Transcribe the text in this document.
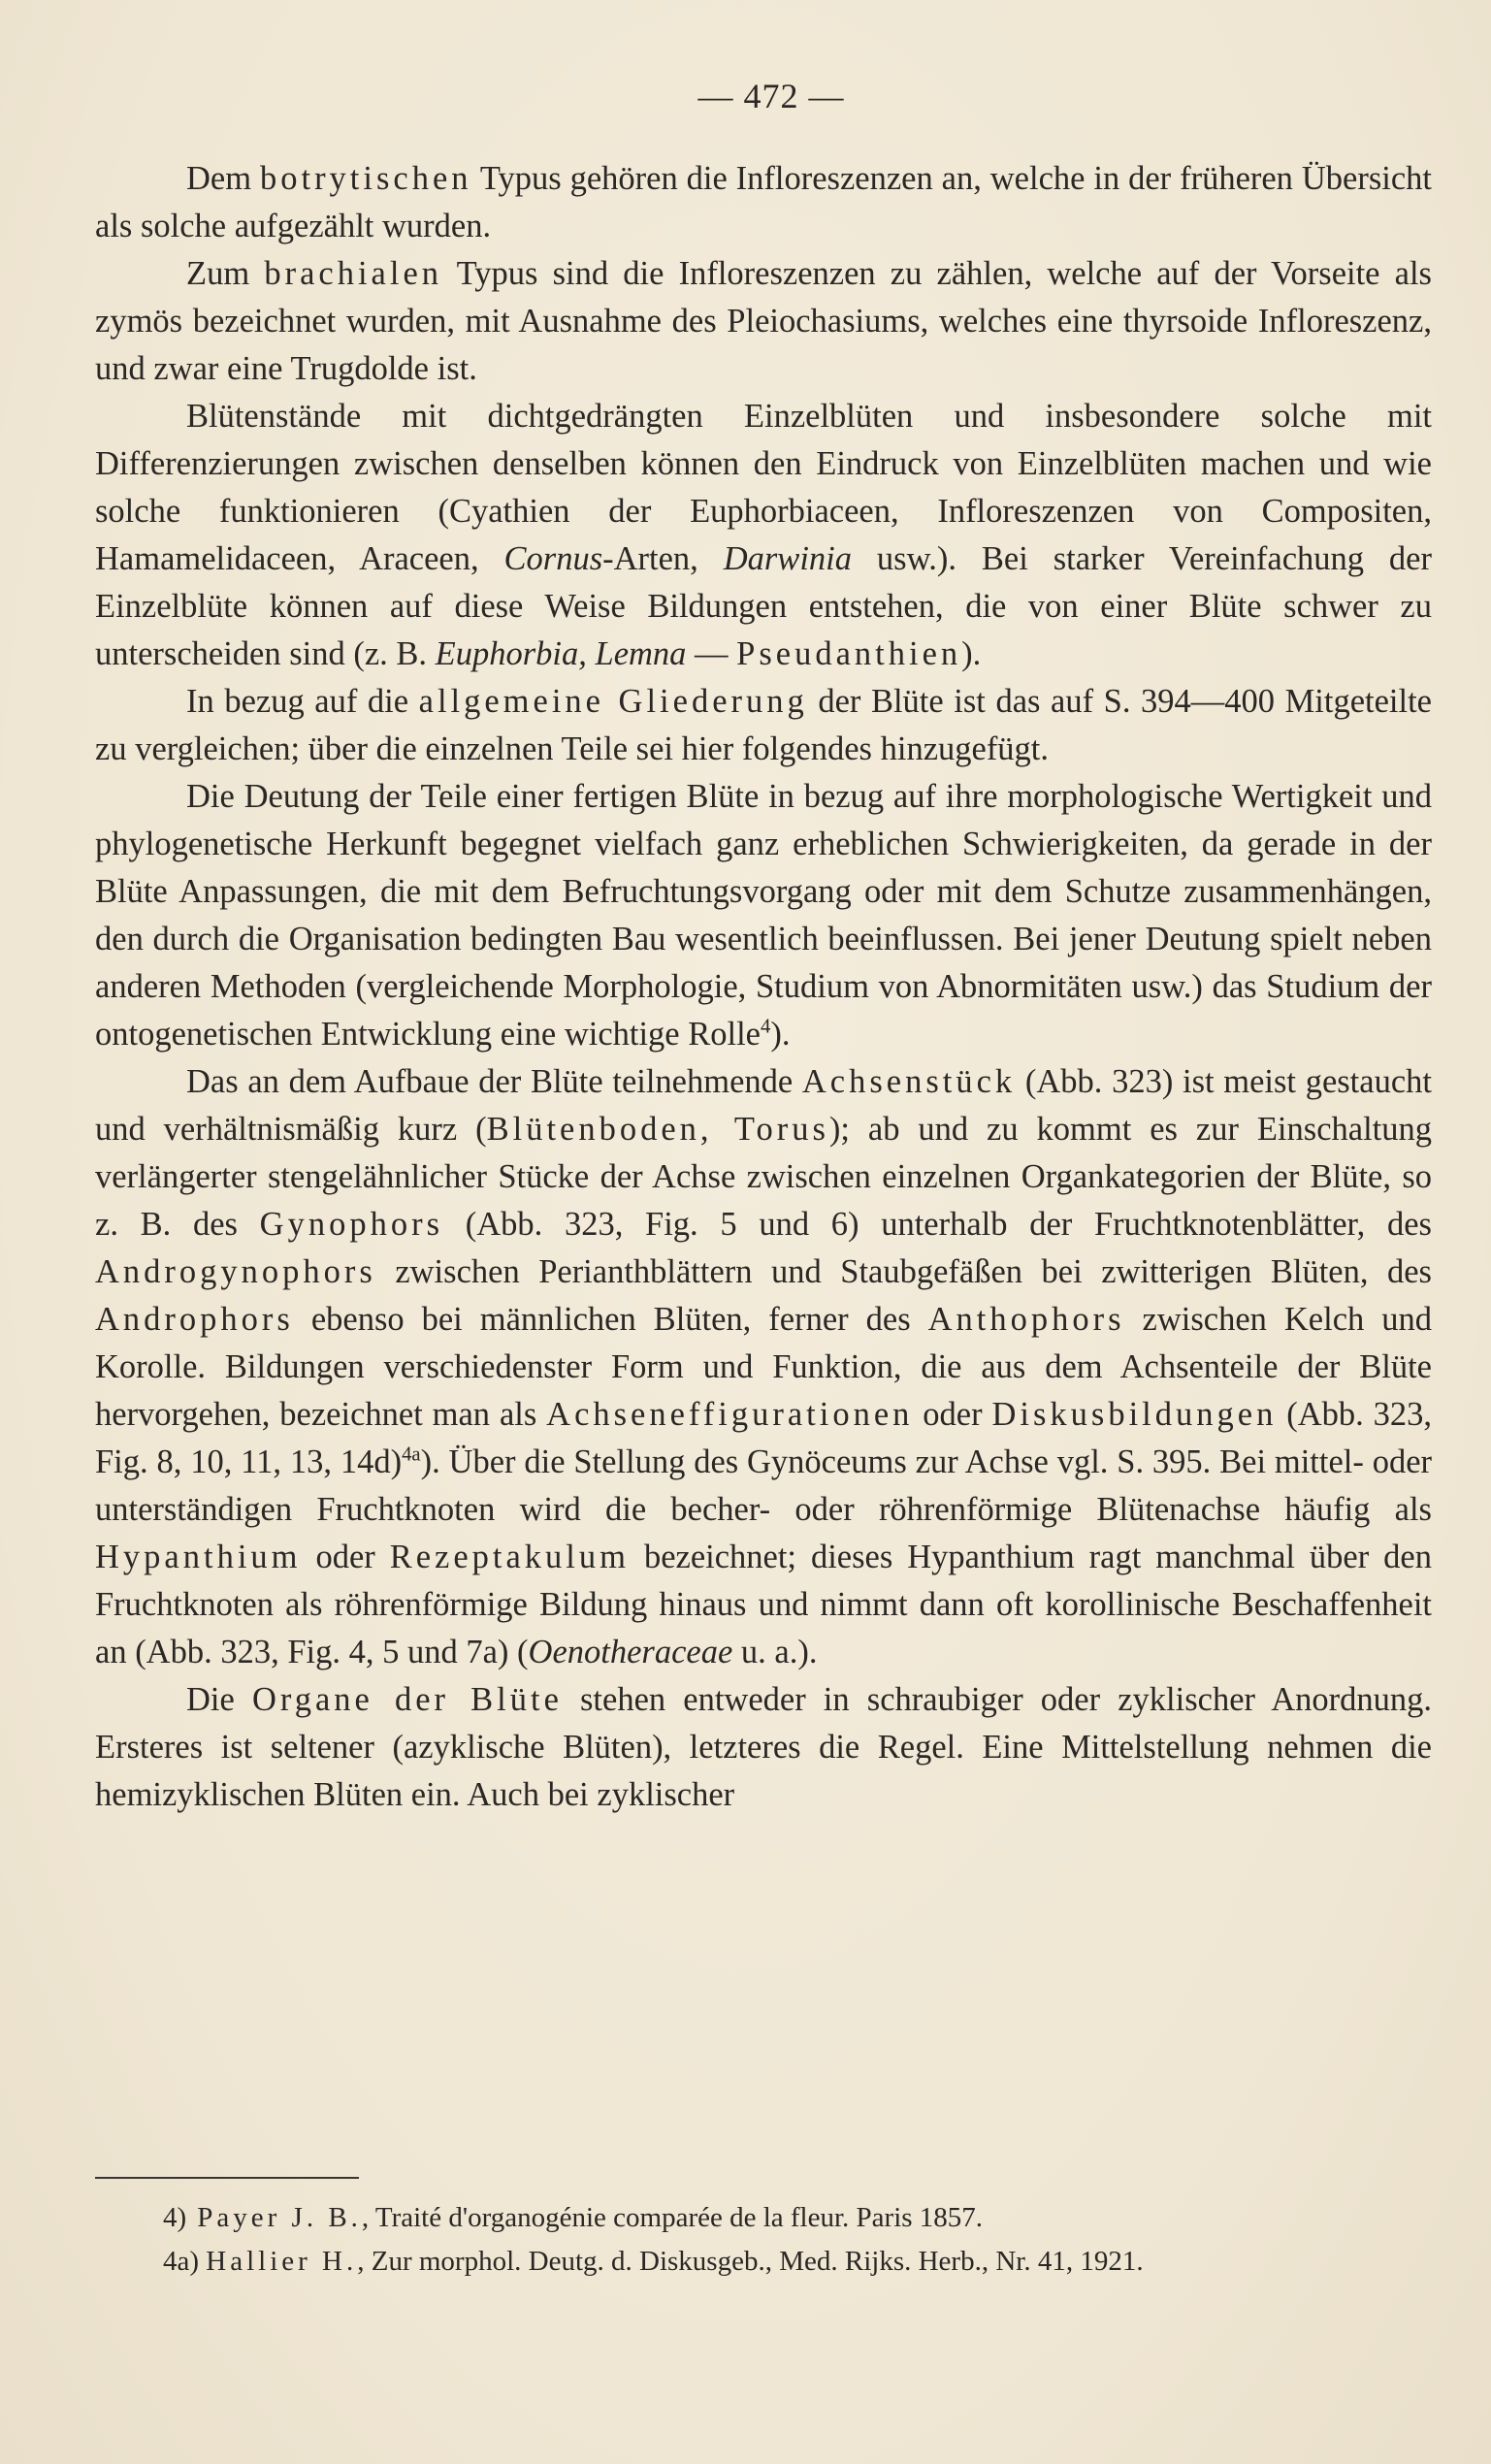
— 472 —

Dem botrytischen Typus gehören die Infloreszenzen an, welche in der früheren Übersicht als solche aufgezählt wurden.

Zum brachialen Typus sind die Infloreszenzen zu zählen, welche auf der Vorseite als zymös bezeichnet wurden, mit Ausnahme des Pleiochasiums, welches eine thyrsoide Infloreszenz, und zwar eine Trugdolde ist.

Blütenstände mit dichtgedrängten Einzelblüten und insbesondere solche mit Differenzierungen zwischen denselben können den Eindruck von Einzelblüten machen und wie solche funktionieren (Cyathien der Euphorbiaceen, Infloreszenzen von Compositen, Hamamelidaceen, Araceen, Cornus-Arten, Darwinia usw.). Bei starker Vereinfachung der Einzelblüte können auf diese Weise Bildungen entstehen, die von einer Blüte schwer zu unterscheiden sind (z. B. Euphorbia, Lemna — Pseudanthien).

In bezug auf die allgemeine Gliederung der Blüte ist das auf S. 394—400 Mitgeteilte zu vergleichen; über die einzelnen Teile sei hier folgendes hinzugefügt.

Die Deutung der Teile einer fertigen Blüte in bezug auf ihre morphologische Wertigkeit und phylogenetische Herkunft begegnet vielfach ganz erheblichen Schwierigkeiten, da gerade in der Blüte Anpassungen, die mit dem Befruchtungsvorgang oder mit dem Schutze zusammenhängen, den durch die Organisation bedingten Bau wesentlich beeinflussen. Bei jener Deutung spielt neben anderen Methoden (vergleichende Morphologie, Studium von Abnormitäten usw.) das Studium der ontogenetischen Entwicklung eine wichtige Rolle$^4$).

Das an dem Aufbaue der Blüte teilnehmende Achsenstück (Abb. 323) ist meist gestaucht und verhältnismäßig kurz (Blütenboden, Torus); ab und zu kommt es zur Einschaltung verlängerter stengelähnlicher Stücke der Achse zwischen einzelnen Organkategorien der Blüte, so z. B. des Gynophors (Abb. 323, Fig. 5 und 6) unterhalb der Fruchtknotenblätter, des Androgynophors zwischen Perianthblättern und Staubgefäßen bei zwitterigen Blüten, des Androphors ebenso bei männlichen Blüten, ferner des Anthophors zwischen Kelch und Korolle. Bildungen verschiedenster Form und Funktion, die aus dem Achsenteile der Blüte hervorgehen, bezeichnet man als Achseneffigurationen oder Diskusbildungen (Abb. 323, Fig. 8, 10, 11, 13, 14d)$^{4a}$). Über die Stellung des Gynöceums zur Achse vgl. S. 395. Bei mittel- oder unterständigen Fruchtknoten wird die becher- oder röhrenförmige Blütenachse häufig als Hypanthium oder Rezeptakulum bezeichnet; dieses Hypanthium ragt manchmal über den Fruchtknoten als röhrenförmige Bildung hinaus und nimmt dann oft korollinische Beschaffenheit an (Abb. 323, Fig. 4, 5 und 7a) (Oenotheraceae u. a.).

Die Organe der Blüte stehen entweder in schraubiger oder zyklischer Anordnung. Ersteres ist seltener (azyklische Blüten), letzteres die Regel. Eine Mittelstellung nehmen die hemizyklischen Blüten ein. Auch bei zyklischer

4) Payer J. B., Traité d'organogénie comparée de la fleur. Paris 1857.

4a) Hallier H., Zur morphol. Deutg. d. Diskusgeb., Med. Rijks. Herb., Nr. 41, 1921.
